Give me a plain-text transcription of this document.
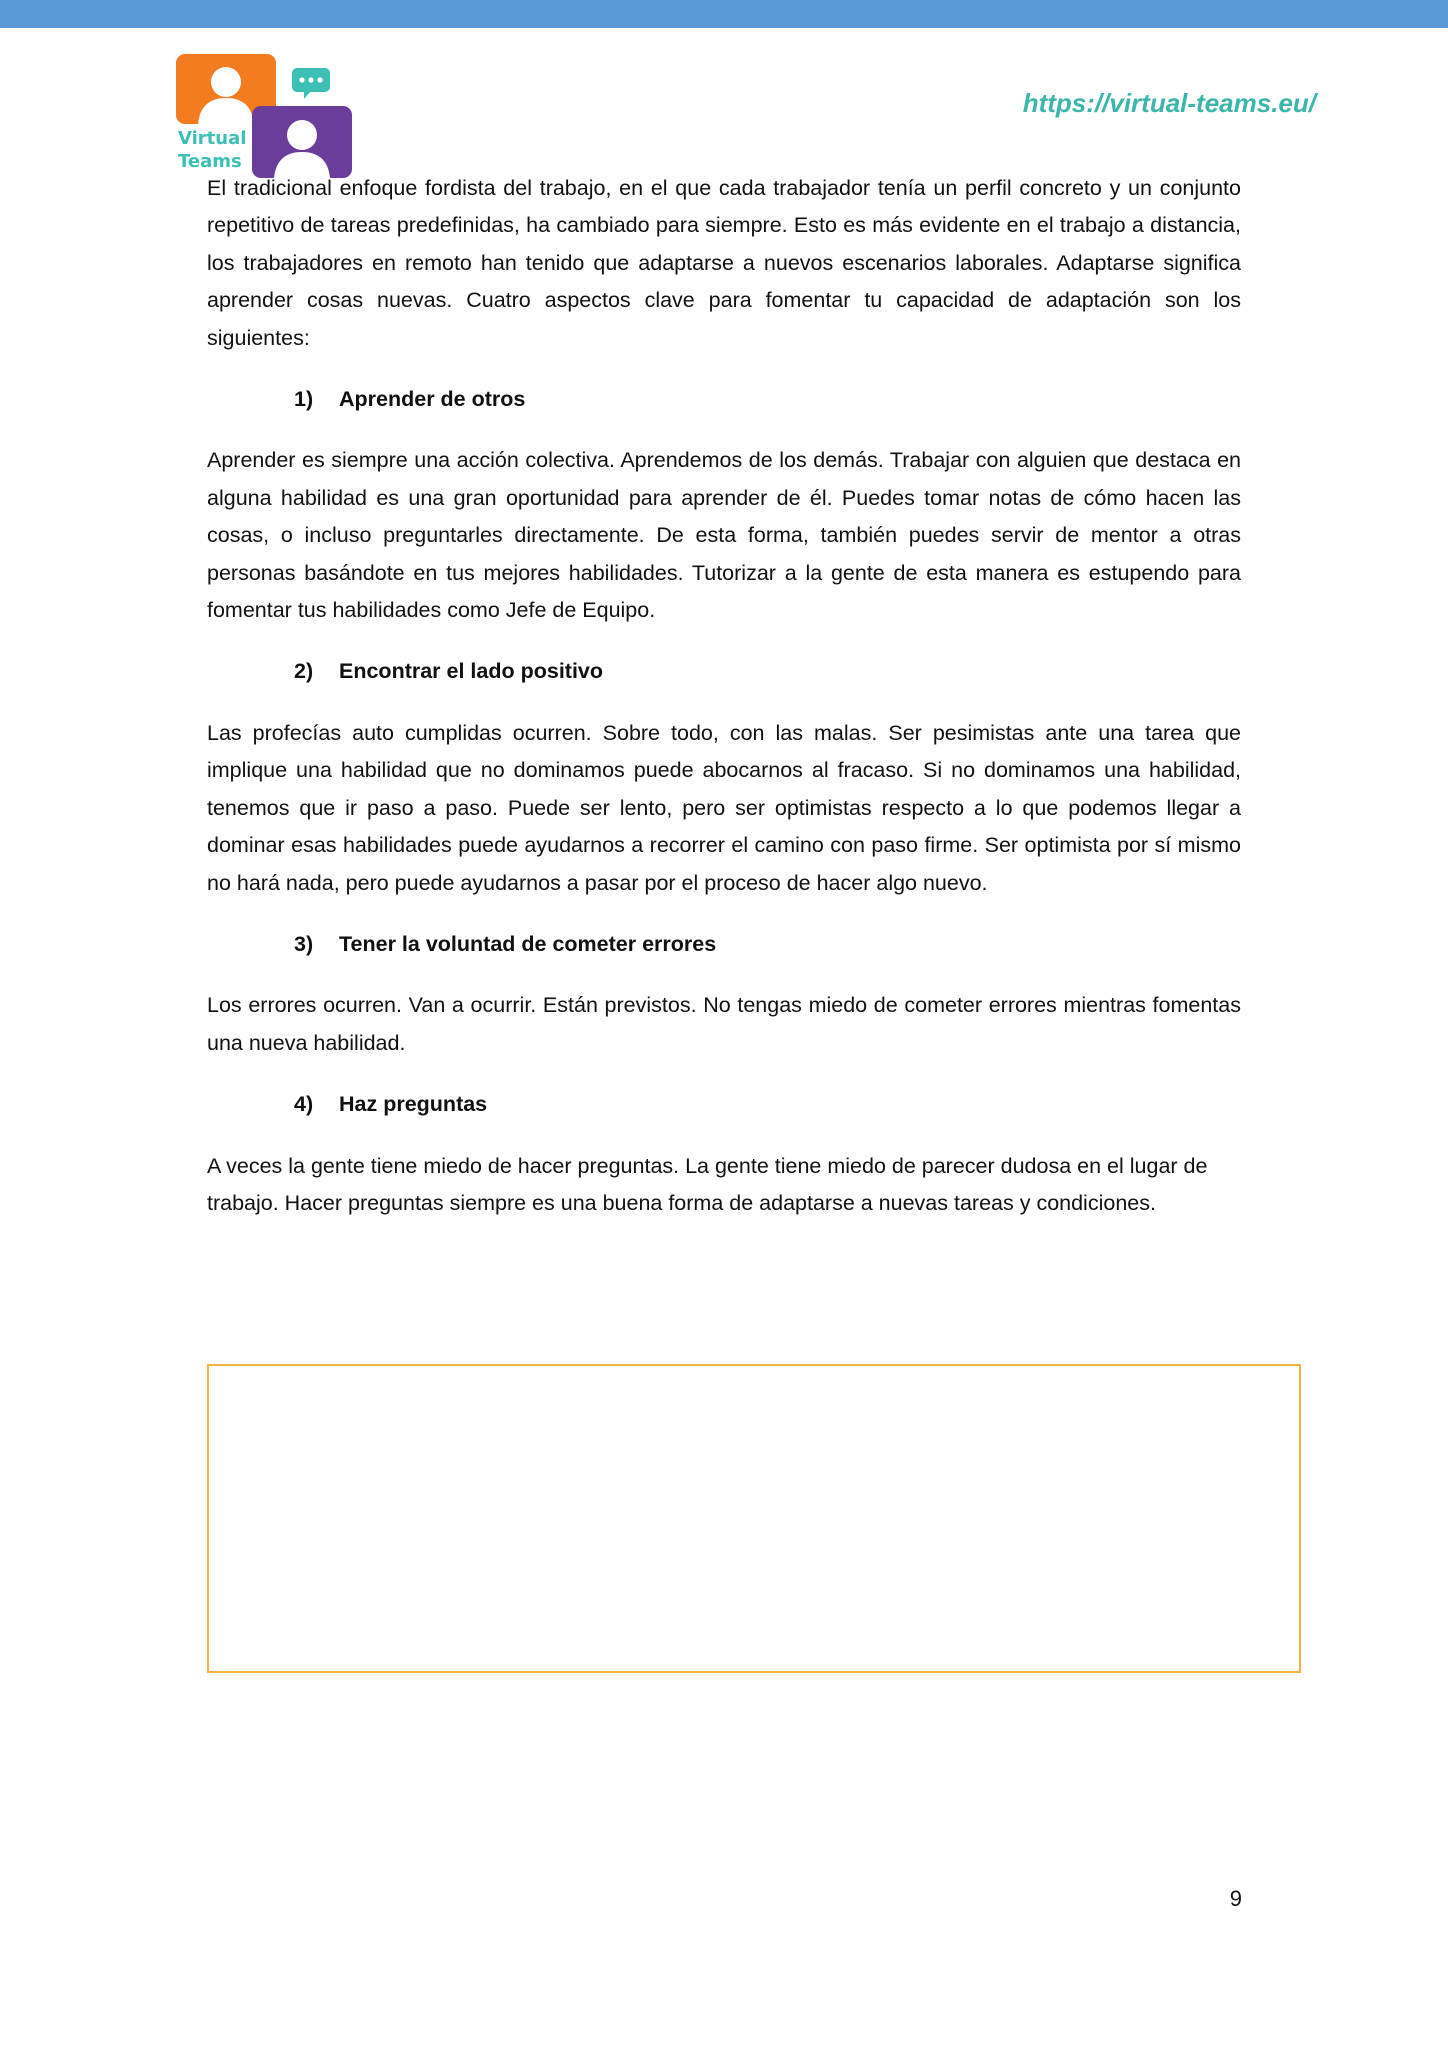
Virtual
Teams
https://virtual-teams.eu/

El tradicional enfoque fordista del trabajo, en el que cada trabajador tenía un perfil concreto y un conjunto repetitivo de tareas predefinidas, ha cambiado para siempre. Esto es más evidente en el trabajo a distancia, los trabajadores en remoto han tenido que adaptarse a nuevos escenarios laborales. Adaptarse significa aprender cosas nuevas. Cuatro aspectos clave para fomentar tu capacidad de adaptación son los siguientes:

1)	Aprender de otros

Aprender es siempre una acción colectiva. Aprendemos de los demás. Trabajar con alguien que destaca en alguna habilidad es una gran oportunidad para aprender de él. Puedes tomar notas de cómo hacen las cosas, o incluso preguntarles directamente. De esta forma, también puedes servir de mentor a otras personas basándote en tus mejores habilidades. Tutorizar a la gente de esta manera es estupendo para fomentar tus habilidades como Jefe de Equipo.

2)	Encontrar el lado positivo

Las profecías auto cumplidas ocurren. Sobre todo, con las malas. Ser pesimistas ante una tarea que implique una habilidad que no dominamos puede abocarnos al fracaso. Si no dominamos una habilidad, tenemos que ir paso a paso. Puede ser lento, pero ser optimistas respecto a lo que podemos llegar a dominar esas habilidades puede ayudarnos a recorrer el camino con paso firme. Ser optimista por sí mismo no hará nada, pero puede ayudarnos a pasar por el proceso de hacer algo nuevo.

3)	Tener la voluntad de cometer errores

Los errores ocurren. Van a ocurrir. Están previstos. No tengas miedo de cometer errores mientras fomentas una nueva habilidad.

4)	Haz preguntas

A veces la gente tiene miedo de hacer preguntas. La gente tiene miedo de parecer dudosa en el lugar de trabajo. Hacer preguntas siempre es una buena forma de adaptarse a nuevas tareas y condiciones.

9
